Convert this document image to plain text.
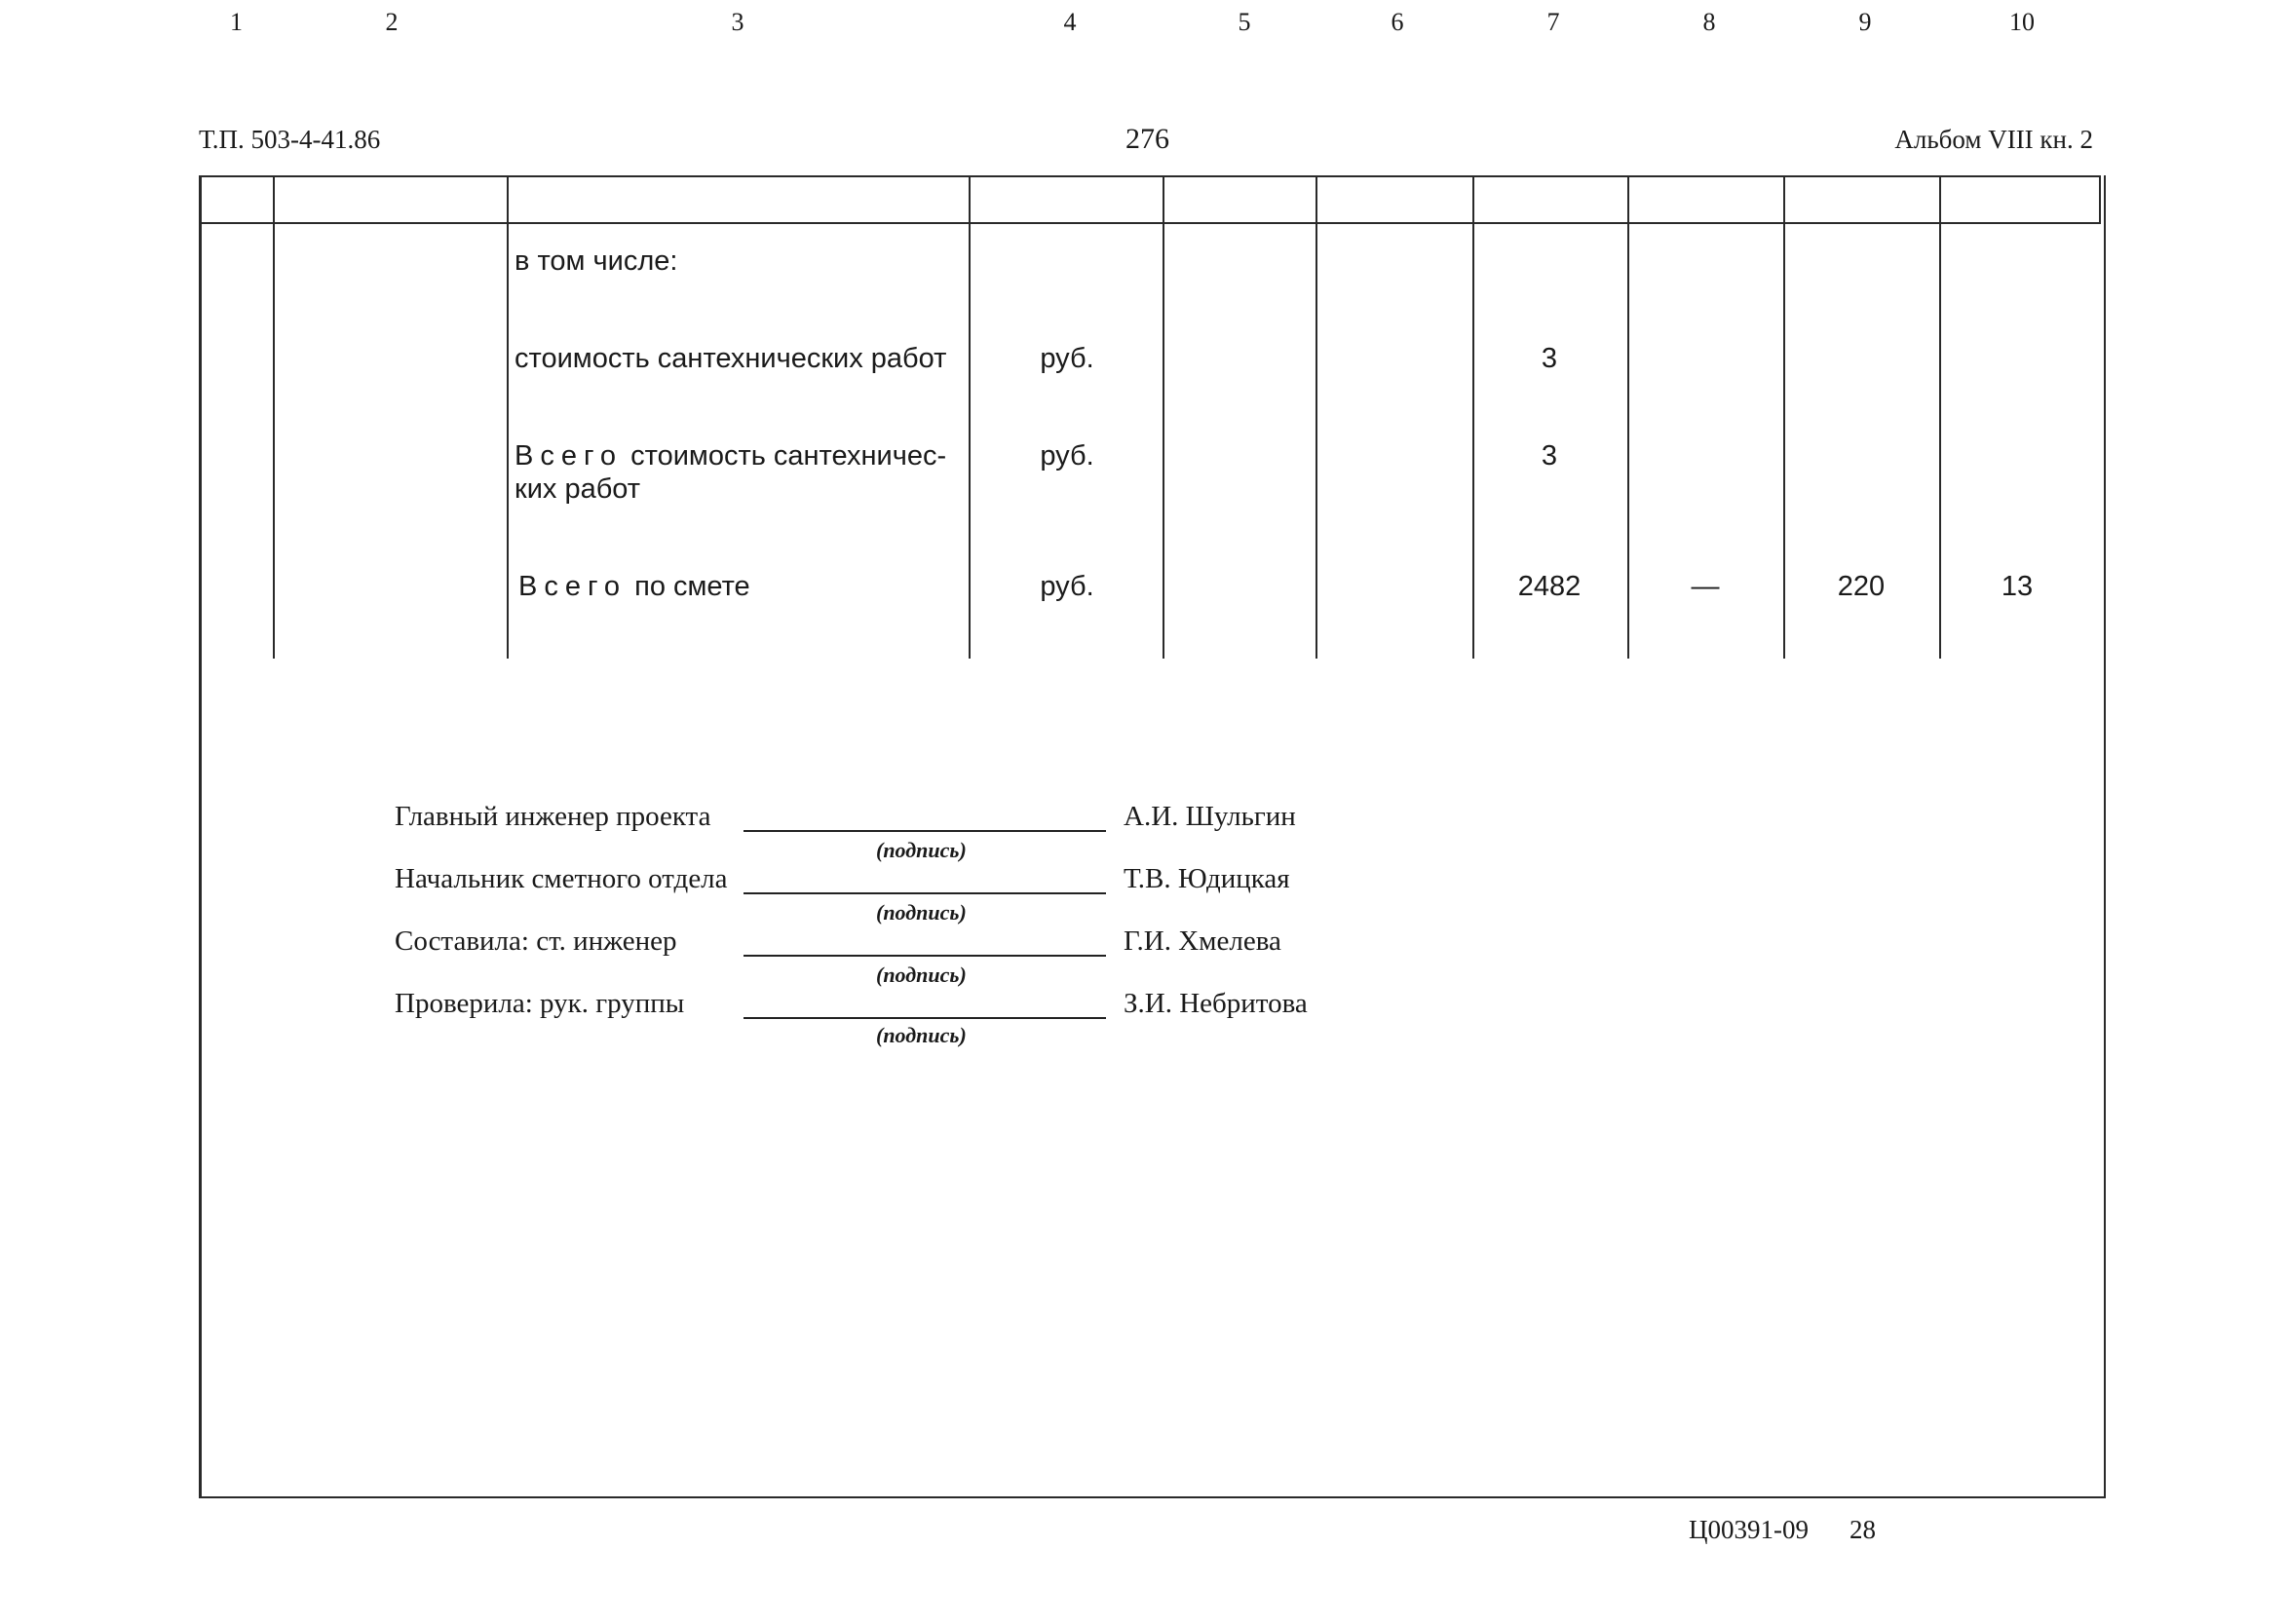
Т.П. 503-4-41.86	276	Альбом VIII кн. 2
1	2	3	4	5	6	7	8	9	10
в том числе:
стоимость сантехнических работ	руб.	3
Всего стоимость сантехничес-
ких работ
руб.	3
Всего по смете	руб.	2482	—	220	13
Главный инженер проекта	А.И. Шульгин
(подпись)
Начальник сметного отдела	Т.В. Юдицкая
(подпись)
Составила: ст. инженер	Г.И. Хмелева
(подпись)
Проверила: рук. группы	З.И. Небритова
(подпись)
Ц00391-09 28
